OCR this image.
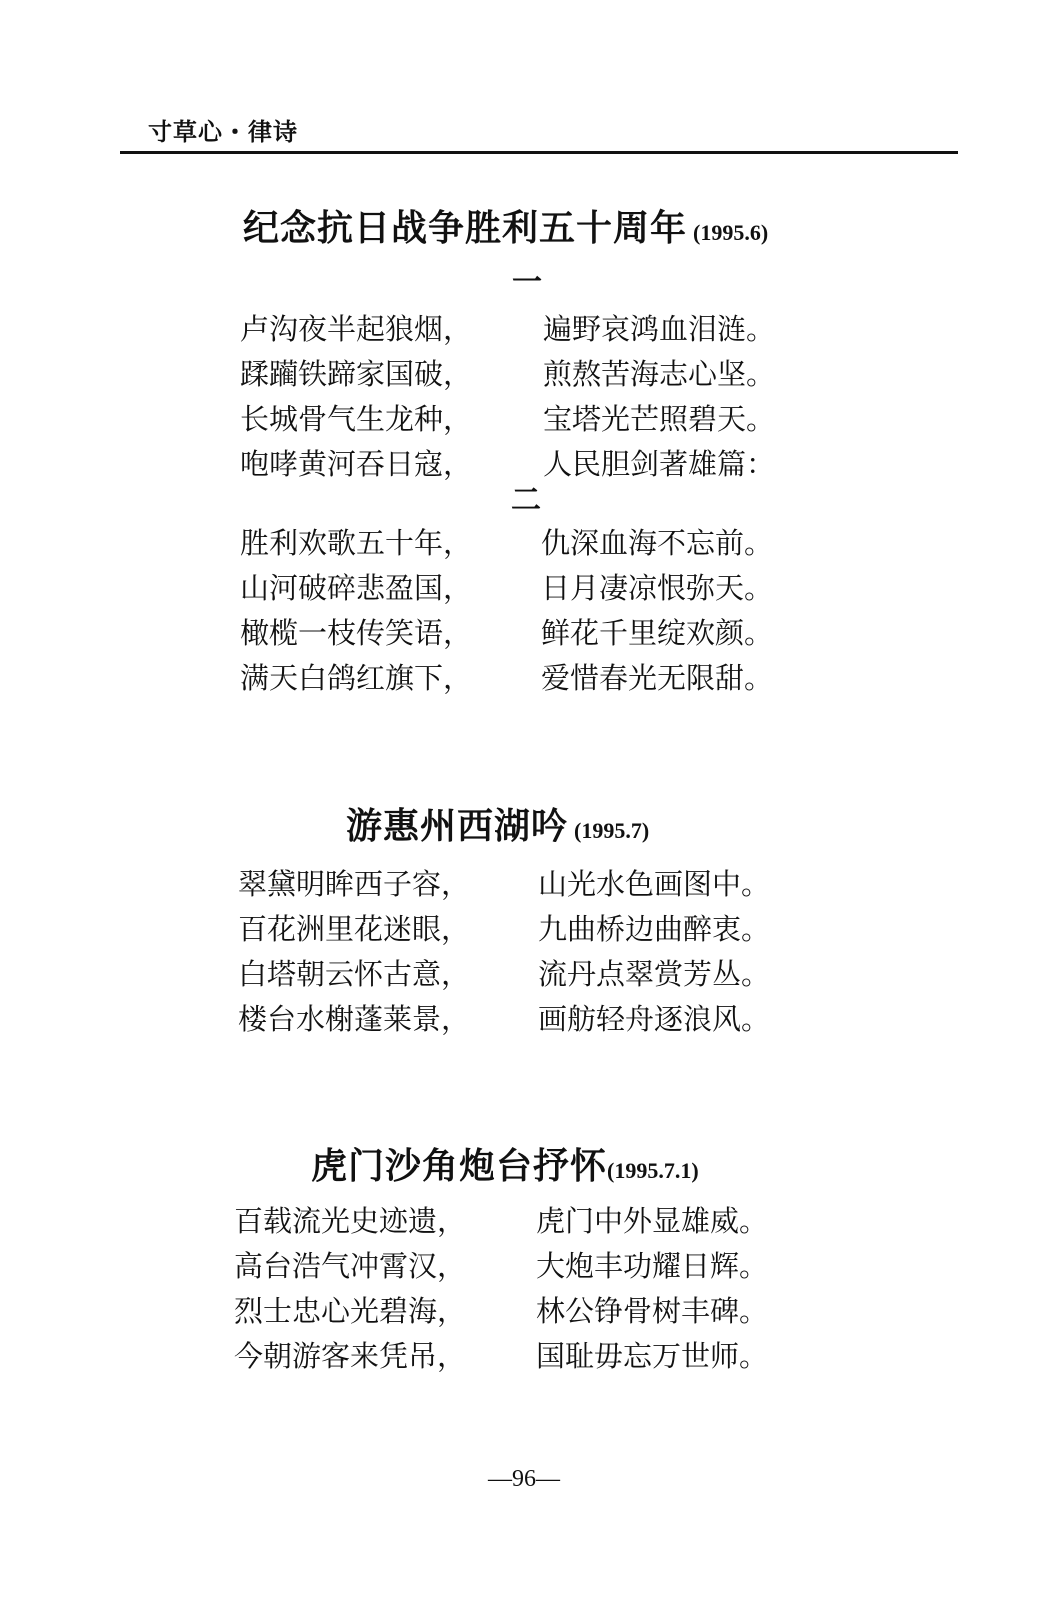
寸草心・律诗
纪念抗日战争胜利五十周年 (1995.6)
一
卢沟夜半起狼烟， 遍野哀鸿血泪涟。
蹂躏铁蹄家国破， 煎熬苦海志心坚。
长城骨气生龙种， 宝塔光芒照碧天。
咆哮黄河吞日寇， 人民胆剑著雄篇：
二
胜利欢歌五十年， 仇深血海不忘前。
山河破碎悲盈国， 日月凄凉恨弥天。
橄榄一枝传笑语， 鲜花千里绽欢颜。
满天白鸽红旗下， 爱惜春光无限甜。
游惠州西湖吟 (1995.7)
翠黛明眸西子容， 山光水色画图中。
百花洲里花迷眼， 九曲桥边曲醉衷。
白塔朝云怀古意， 流丹点翠赏芳丛。
楼台水榭蓬莱景， 画舫轻舟逐浪风。
虎门沙角炮台抒怀(1995.7.1)
百载流光史迹遗， 虎门中外显雄威。
高台浩气冲霄汉， 大炮丰功耀日辉。
烈士忠心光碧海， 林公铮骨树丰碑。
今朝游客来凭吊， 国耻毋忘万世师。
—96—
